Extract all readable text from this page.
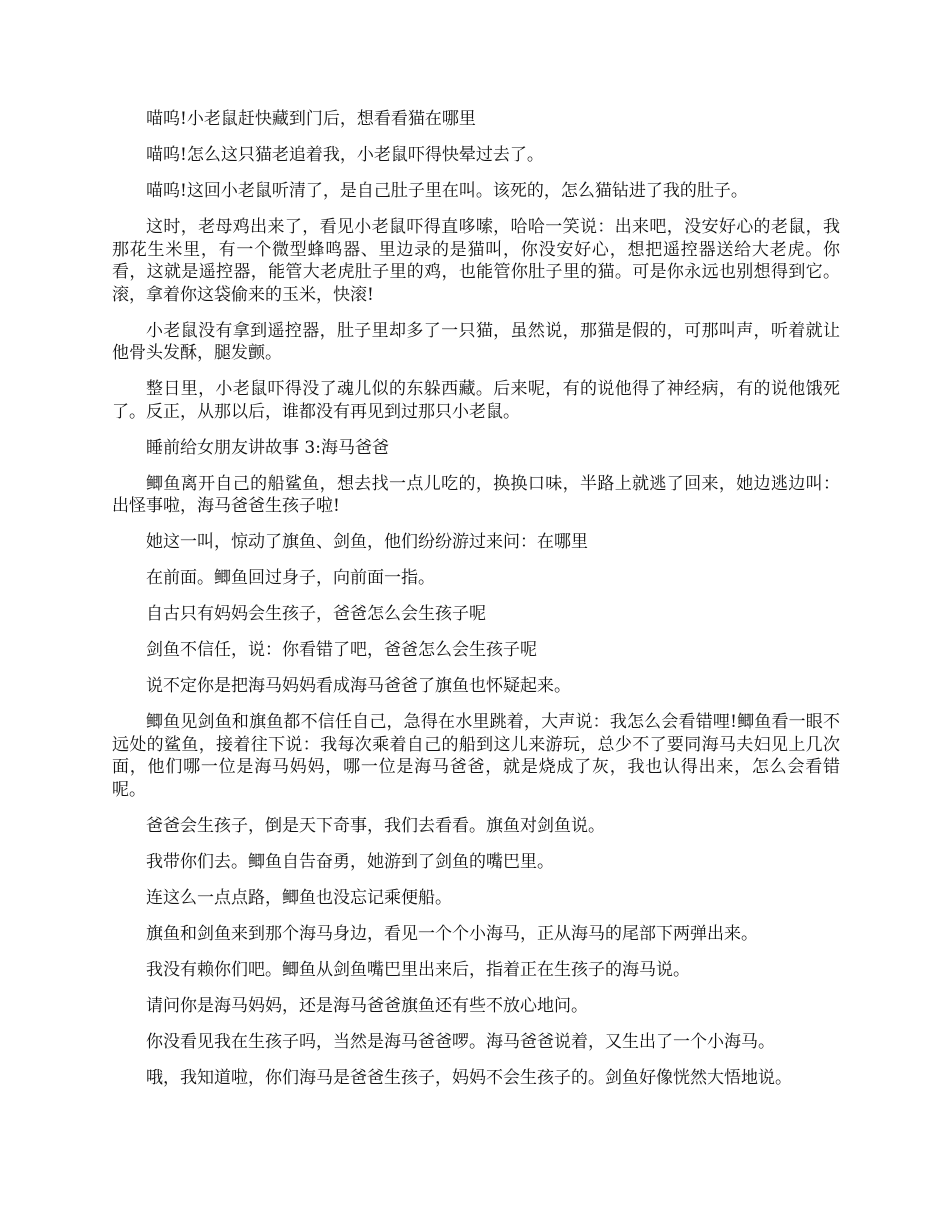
喵呜!小老鼠赶快藏到门后，想看看猫在哪里

喵呜!怎么这只猫老追着我，小老鼠吓得快晕过去了。

喵呜!这回小老鼠听清了，是自己肚子里在叫。该死的，怎么猫钻进了我的肚子。

这时，老母鸡出来了，看见小老鼠吓得直哆嗦，哈哈一笑说：出来吧，没安好心的老鼠，我那花生米里，有一个微型蜂鸣器、里边录的是猫叫，你没安好心，想把遥控器送给大老虎。你看，这就是遥控器，能管大老虎肚子里的鸡，也能管你肚子里的猫。可是你永远也别想得到它。滚，拿着你这袋偷来的玉米，快滚!

小老鼠没有拿到遥控器，肚子里却多了一只猫，虽然说，那猫是假的，可那叫声，听着就让他骨头发酥，腿发颤。

整日里，小老鼠吓得没了魂儿似的东躲西藏。后来呢，有的说他得了神经病，有的说他饿死了。反正，从那以后，谁都没有再见到过那只小老鼠。

睡前给女朋友讲故事 3:海马爸爸

鲫鱼离开自己的船鲨鱼，想去找一点儿吃的，换换口味，半路上就逃了回来，她边逃边叫：出怪事啦，海马爸爸生孩子啦!

她这一叫，惊动了旗鱼、剑鱼，他们纷纷游过来问：在哪里

在前面。鲫鱼回过身子，向前面一指。

自古只有妈妈会生孩子，爸爸怎么会生孩子呢

剑鱼不信任，说：你看错了吧，爸爸怎么会生孩子呢

说不定你是把海马妈妈看成海马爸爸了旗鱼也怀疑起来。

鲫鱼见剑鱼和旗鱼都不信任自己，急得在水里跳着，大声说：我怎么会看错哩!鲫鱼看一眼不远处的鲨鱼，接着往下说：我每次乘着自己的船到这儿来游玩，总少不了要同海马夫妇见上几次面，他们哪一位是海马妈妈，哪一位是海马爸爸，就是烧成了灰，我也认得出来，怎么会看错呢。

爸爸会生孩子，倒是天下奇事，我们去看看。旗鱼对剑鱼说。

我带你们去。鲫鱼自告奋勇，她游到了剑鱼的嘴巴里。

连这么一点点路，鲫鱼也没忘记乘便船。

旗鱼和剑鱼来到那个海马身边，看见一个个小海马，正从海马的尾部下两弹出来。

我没有赖你们吧。鲫鱼从剑鱼嘴巴里出来后，指着正在生孩子的海马说。

请问你是海马妈妈，还是海马爸爸旗鱼还有些不放心地问。

你没看见我在生孩子吗，当然是海马爸爸啰。海马爸爸说着，又生出了一个小海马。

哦，我知道啦，你们海马是爸爸生孩子，妈妈不会生孩子的。剑鱼好像恍然大悟地说。
